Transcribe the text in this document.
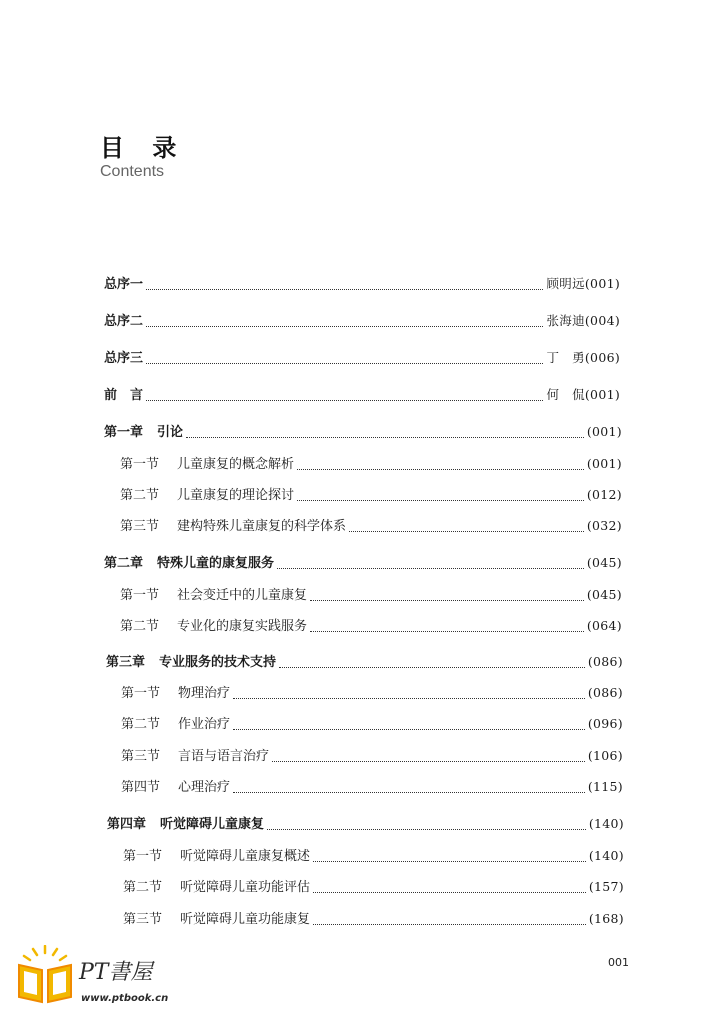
目 录
Contents
总序一	顾明远(001)
总序二	张海迪(004)
总序三	丁　勇(006)
前　言	何　侃(001)
第一章 引论	(001)
第一节 儿童康复的概念解析	(001)
第二节 儿童康复的理论探讨	(012)
第三节 建构特殊儿童康复的科学体系	(032)
第二章 特殊儿童的康复服务	(045)
第一节 社会变迁中的儿童康复	(045)
第二节 专业化的康复实践服务	(064)
第三章 专业服务的技术支持	(086)
第一节 物理治疗	(086)
第二节 作业治疗	(096)
第三节 言语与语言治疗	(106)
第四节 心理治疗	(115)
第四章 听觉障碍儿童康复	(140)
第一节 听觉障碍儿童康复概述	(140)
第二节 听觉障碍儿童功能评估	(157)
第三节 听觉障碍儿童功能康复	(168)
001
PT書屋
www.ptbook.cn
